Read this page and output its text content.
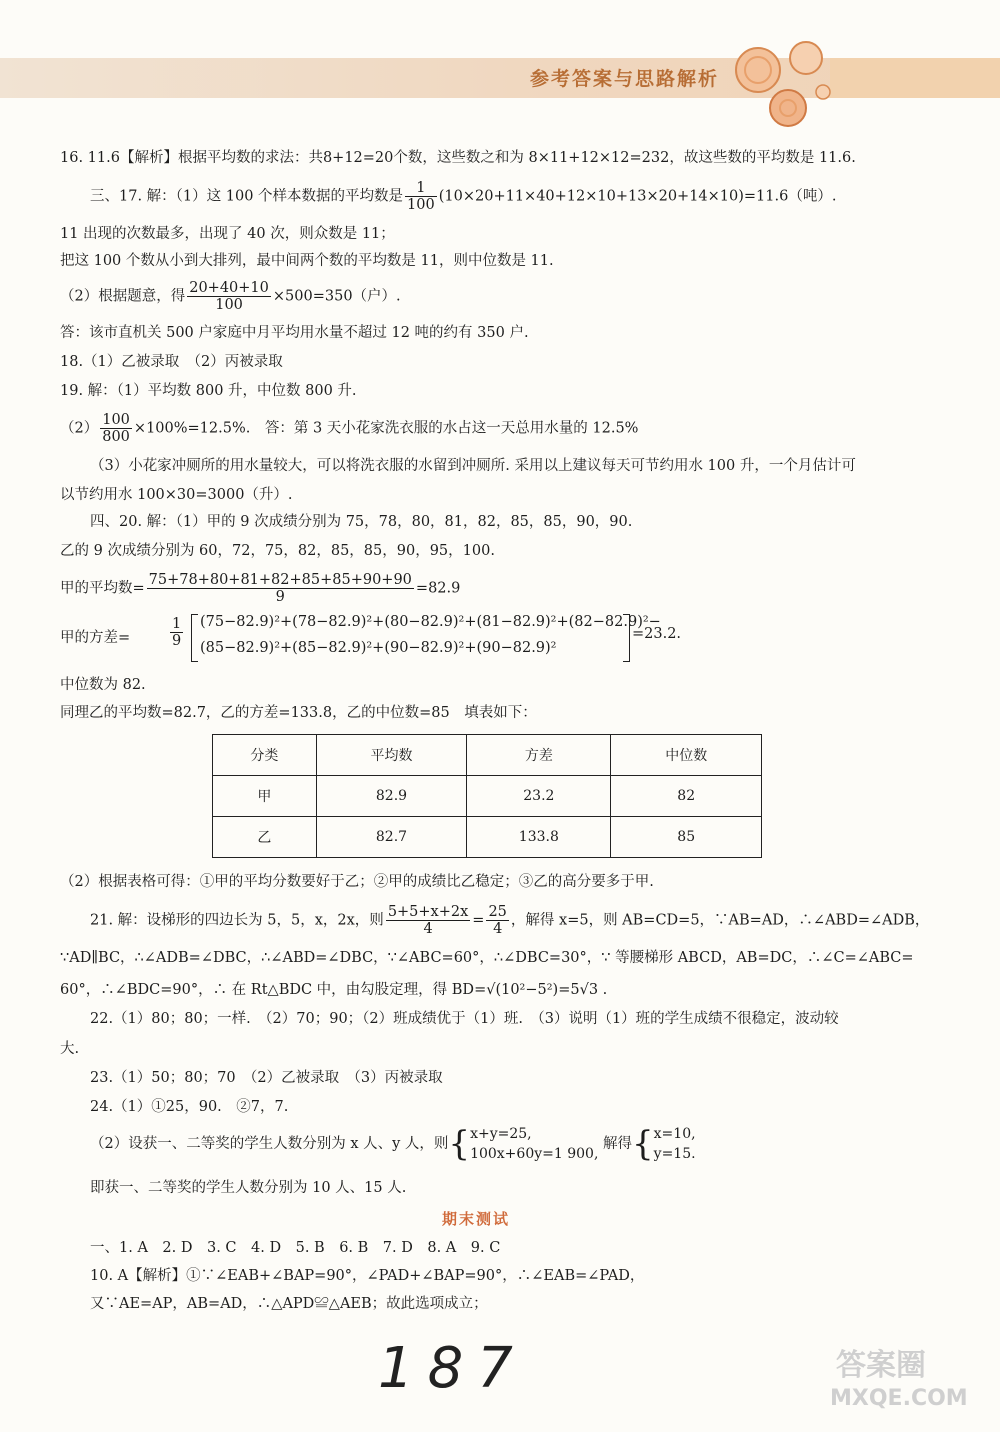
参考答案与思路解析
16. 11.6【解析】根据平均数的求法：共8+12=20个数，这些数之和为 8×11+12×12=232，故这些数的平均数是 11.6.
三、17. 解：（1）这 100 个样本数据的平均数是 $\frac{1}{100} (10\times 20+11\times 40+12\times 10+13\times 20+14\times 10)=11.6$（吨）.
11 出现的次数最多，出现了 40 次，则众数是 11；
把这 100 个数从小到大排列，最中间两个数的平均数是 11，则中位数是 11.
（2）根据题意，得 $\frac{20+40+10}{100} \times 500=350$（户）.
答：该市直机关 500 户家庭中月平均用水量不超过 12 吨的约有 350 户.
18.（1）乙被录取　（2）丙被录取
19. 解：（1）平均数 800 升，中位数 800 升.
$(2) \frac{100}{800} \times 100\%=12.5\%$.　答：第 3 天小花家洗衣服的水占这一天总用水量的 12.5%
（3）小花家冲厕所的用水量较大，可以将洗衣服的水留到冲厕所. 采用以上建议每天可节约用水 100 升，一个月估计可
以节约用水 100×30=3000（升）.
四、20. 解：（1）甲的 9 次成绩分别为 75，78，80，81，82，85，85，90，90.
乙的 9 次成绩分别为 60，72，75，82，85，85，90，95，100.
甲的平均数= $\frac{75+78+80+81+82+85+85+90+90}{9} =82.9$
甲的方差=	$\frac{1}{9} (75-82.9)^2+(78-82.9)^2+(80-82.9)^2+(81-82.9)^2+(82-82.9)^2-$
(85−82.9)²+(85−82.9)²+(90−82.9)²+(90−82.9)²
=23.2.
中位数为 82.
同理乙的平均数=82.7，乙的方差=133.8，乙的中位数=85　填表如下：
分类	平均数	方差	中位数
甲	82.9	23.2	82
乙	82.7	133.8	85
（2）根据表格可得：①甲的平均分数要好于乙；②甲的成绩比乙稳定；③乙的高分要多于甲.
21. 解：设梯形的四边长为 5，5，x，2x，则 $\frac{5+5+x+2x}{4} = \frac{25}{4}$ ，解得 x=5，则 AB=CD=5，∵AB=AD，∴∠ABD=∠ADB，
∵AD∥BC，∴∠ADB=∠DBC，∴∠ABD=∠DBC，∵∠ABC=60°，∴∠DBC=30°，∵ 等腰梯形 ABCD，AB=DC，∴∠C=∠ABC=
60°，∴∠BDC=90°，∴ 在 Rt△BDC 中，由勾股定理，得 BD=√(10²−5²)=5√3 .
22.（1）80；80；一样.　（2）70；90；（2）班成绩优于（1）班.　（3）说明（1）班的学生成绩不很稳定，波动较
大.
23.（1）50；80；70　（2）乙被录取　（3）丙被录取
24.（1）①25，90.　②7，7.
（2）设获一、二等奖的学生人数分别为 x 人、y 人，则{ x+y=25,
100x+60y=1 900,
解得{ x=10,
y=15.
即获一、二等奖的学生人数分别为 10 人、15 人.
期末测试
一、1. A　2. D　3. C　4. D　5. B　6. B　7. D　8. A　9. C
10. A【解析】①∵∠EAB+∠BAP=90°，∠PAD+∠BAP=90°，∴∠EAB=∠PAD，
又∵AE=AP，AB=AD，∴△APD≌△AEB；故此选项成立；
187	答案圈
MXQE.COM
